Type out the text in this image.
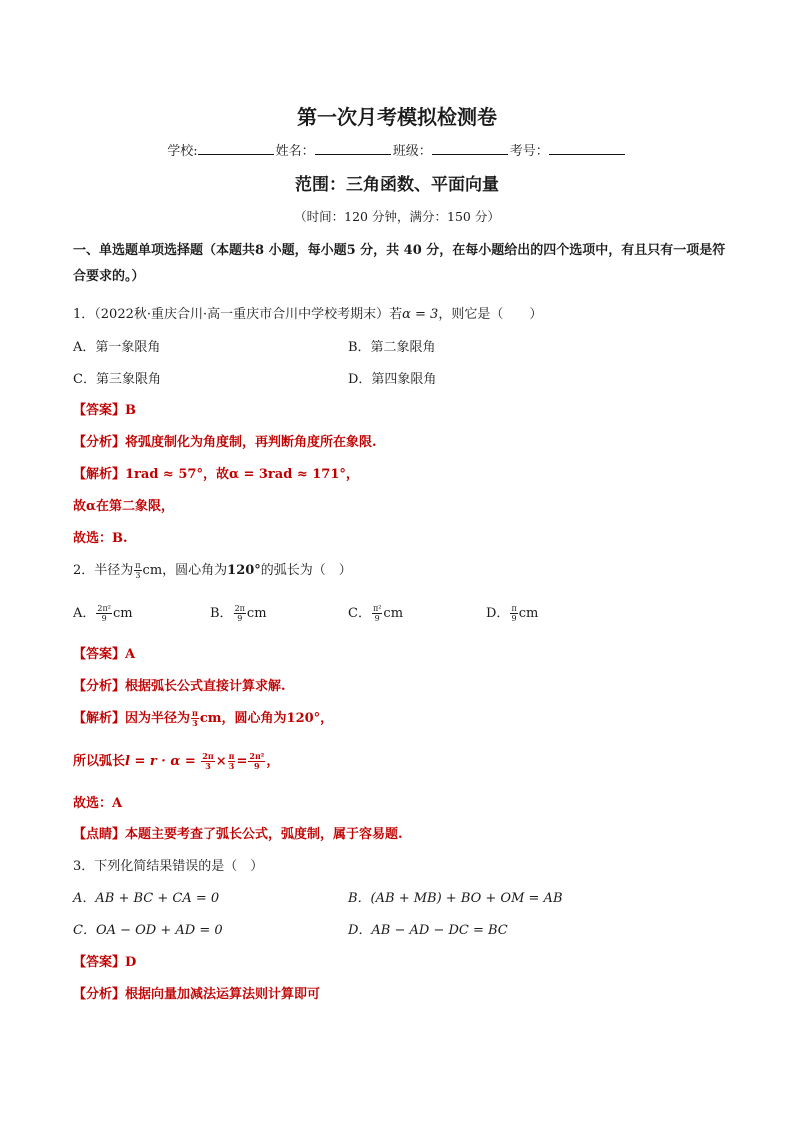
第一次月考模拟检测卷
学校:	姓名：	班级：	考号：
范围：三角函数、平面向量
（时间：120 分钟，满分：150 分）
一、单选题单项选择题（本题共8 小题，每小题5 分，共 40 分，在每小题给出的四个选项中，有且只有一项是符合要求的。）
1．（2022秋·重庆合川·高一重庆市合川中学校考期末）若α = 3，则它是（　　）
A．第一象限角	B．第二象限角
C．第三象限角	D．第四象限角
【答案】B
【分析】将弧度制化为角度制，再判断角度所在象限.
【解析】1rad ≈ 57°，故α = 3rad ≈ 171°，
故α在第二象限，
故选：B.
2．半径为 $\frac{\pi}{3}$ cm，圆心角为120°的弧长为（　）
A． $\frac{\text{2π²}}{9}$ cm	B． $\frac{2\pi}{9}$ cm	C． $\frac{\text{π²}}{9}$ cm	D． $\frac{\pi}{9}$ cm
【答案】A
【分析】根据弧长公式直接计算求解.
【解析】因为半径为 $\frac{\pi}{3}$ cm，圆心角为120°，
所以弧长$l = r \cdot \alpha = \frac{2\pi}{3} \times \frac{\pi}{3} = \frac{\text{2π²}}{9}$ ，
故选：A
【点睛】本题主要考查了弧长公式，弧度制，属于容易题.
3．下列化简结果错误的是（　）
A．AB + BC + CA = 0	B．(AB + MB) + BO + OM = AB
C．OA − OD + AD = 0	D．AB − AD − DC = BC
【答案】D
【分析】根据向量加减法运算法则计算即可
